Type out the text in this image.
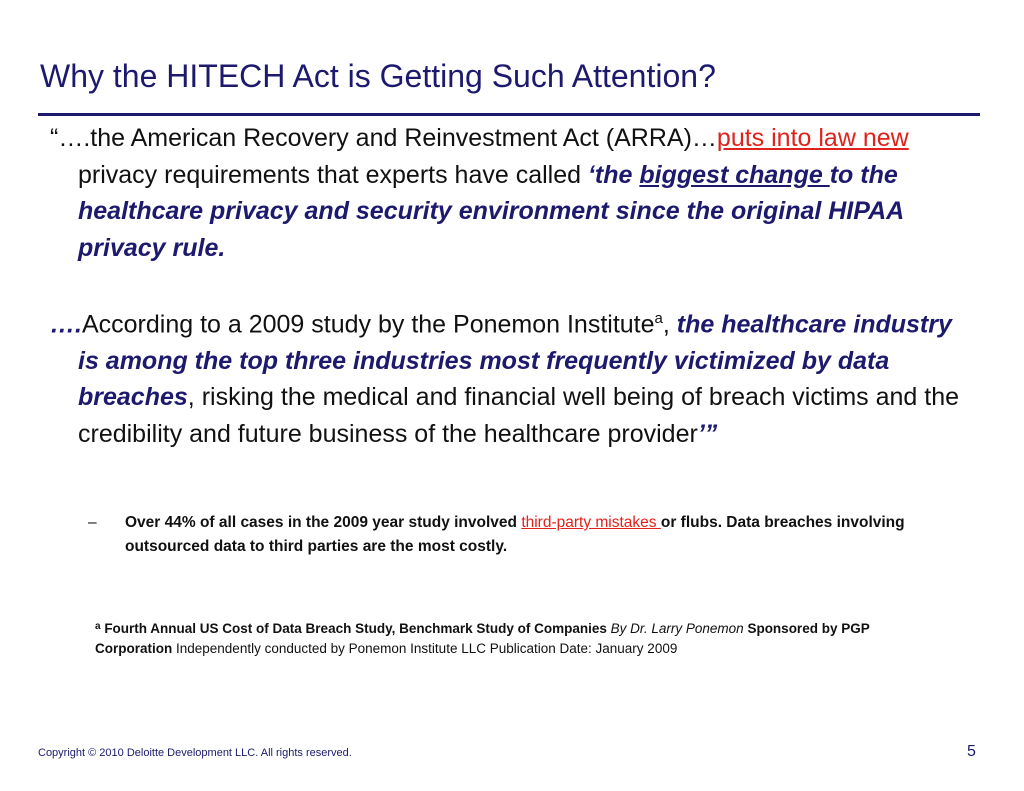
Why the HITECH Act is Getting Such Attention?

“….the American Recovery and Reinvestment Act (ARRA)…puts into law new privacy requirements that experts have called ‘the biggest change to the healthcare privacy and security environment since the original HIPAA privacy rule.

….According to a 2009 study by the Ponemon Institute$^a$, the healthcare industry is among the top three industries most frequently victimized by data breaches, risking the medical and financial well being of breach victims and the credibility and future business of the healthcare provider’”

– Over 44% of all cases in the 2009 year study involved third-party mistakes or flubs. Data breaches involving outsourced data to third parties are the most costly.
$^a$ Fourth Annual US Cost of Data Breach Study, Benchmark Study of Companies By Dr. Larry Ponemon Sponsored by PGP Corporation Independently conducted by Ponemon Institute LLC Publication Date: January 2009
Copyright © 2010 Deloitte Development LLC. All rights reserved.	5
